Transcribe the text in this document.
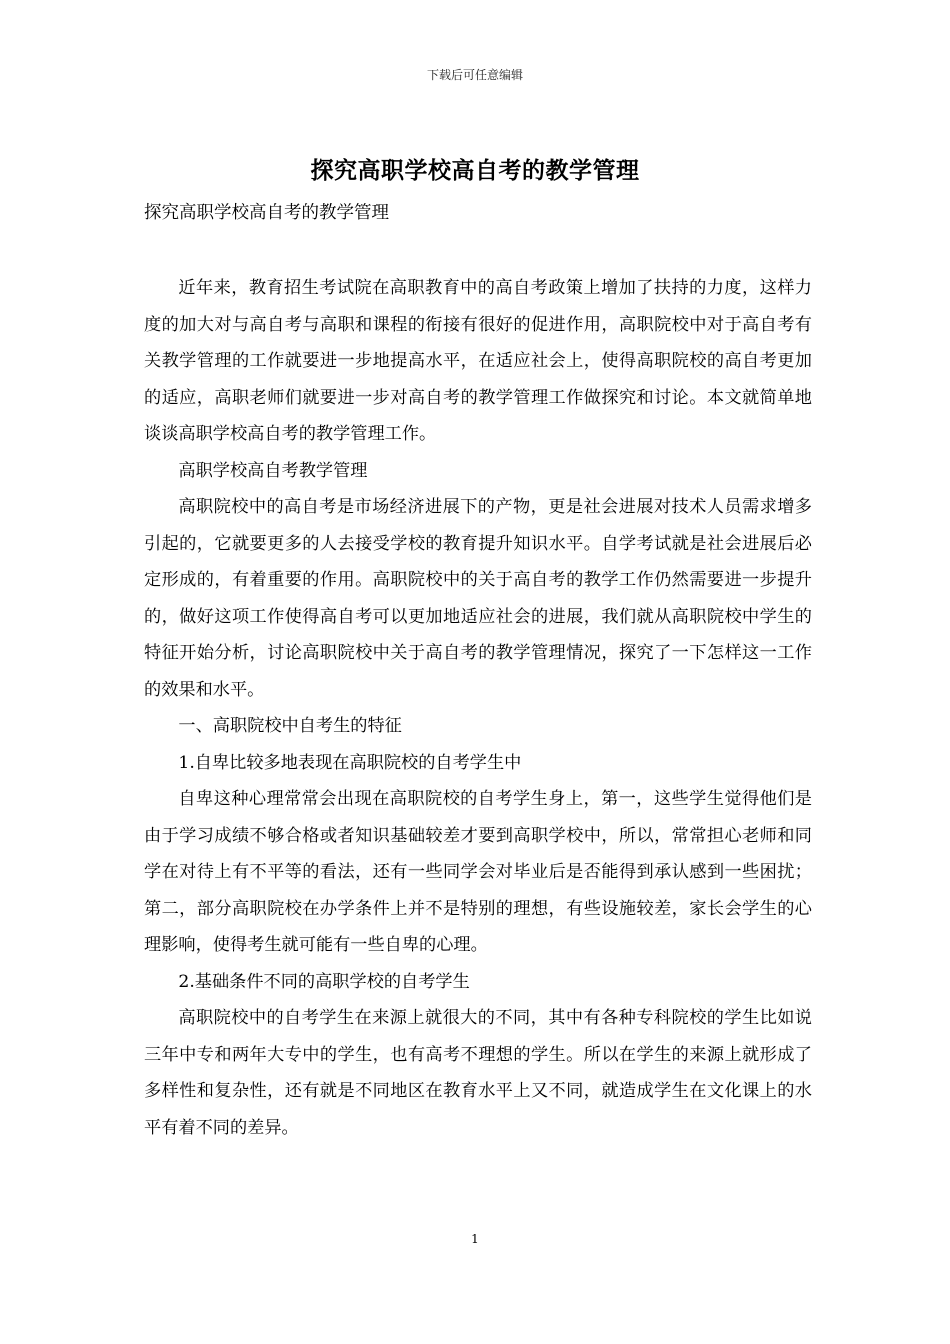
下载后可任意编辑
探究高职学校高自考的教学管理
探究高职学校高自考的教学管理

近年来，教育招生考试院在高职教育中的高自考政策上增加了扶持的力度，这样力度的加大对与高自考与高职和课程的衔接有很好的促进作用，高职院校中对于高自考有关教学管理的工作就要进一步地提高水平，在适应社会上，使得高职院校的高自考更加的适应，高职老师们就要进一步对高自考的教学管理工作做探究和讨论。本文就简单地谈谈高职学校高自考的教学管理工作。

高职学校高自考教学管理

高职院校中的高自考是市场经济进展下的产物，更是社会进展对技术人员需求增多引起的，它就要更多的人去接受学校的教育提升知识水平。自学考试就是社会进展后必定形成的，有着重要的作用。高职院校中的关于高自考的教学工作仍然需要进一步提升的，做好这项工作使得高自考可以更加地适应社会的进展，我们就从高职院校中学生的特征开始分析，讨论高职院校中关于高自考的教学管理情况，探究了一下怎样这一工作的效果和水平。

一、高职院校中自考生的特征

1.自卑比较多地表现在高职院校的自考学生中

自卑这种心理常常会出现在高职院校的自考学生身上，第一，这些学生觉得他们是由于学习成绩不够合格或者知识基础较差才要到高职学校中，所以，常常担心老师和同学在对待上有不平等的看法，还有一些同学会对毕业后是否能得到承认感到一些困扰；第二，部分高职院校在办学条件上并不是特别的理想，有些设施较差，家长会学生的心理影响，使得考生就可能有一些自卑的心理。

2.基础条件不同的高职学校的自考学生

高职院校中的自考学生在来源上就很大的不同，其中有各种专科院校的学生比如说三年中专和两年大专中的学生，也有高考不理想的学生。所以在学生的来源上就形成了多样性和复杂性，还有就是不同地区在教育水平上又不同，就造成学生在文化课上的水平有着不同的差异。

1
